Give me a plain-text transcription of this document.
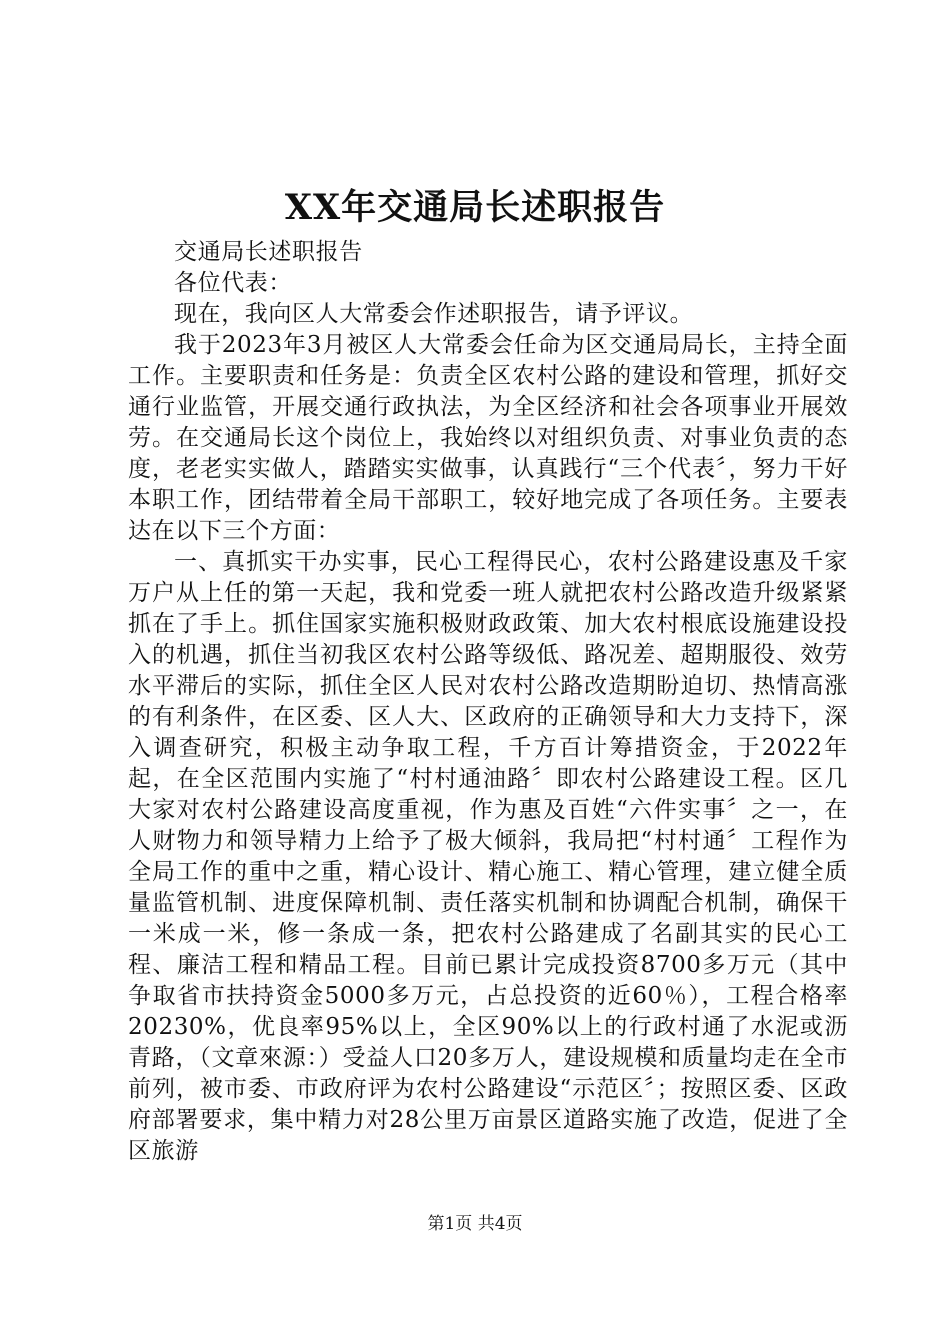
XX年交通局长述职报告

交通局长述职报告

各位代表：

现在，我向区人大常委会作述职报告，请予评议。

我于2023年3月被区人大常委会任命为区交通局局长，主持全面工作。主要职责和任务是：负责全区农村公路的建设和管理，抓好交通行业监管，开展交通行政执法，为全区经济和社会各项事业开展效劳。在交通局长这个岗位上，我始终以对组织负责、对事业负责的态度，老老实实做人，踏踏实实做事，认真践行“三个代表〞，努力干好本职工作，团结带着全局干部职工，较好地完成了各项任务。主要表达在以下三个方面：

一、真抓实干办实事，民心工程得民心，农村公路建设惠及千家万户从上任的第一天起，我和党委一班人就把农村公路改造升级紧紧抓在了手上。抓住国家实施积极财政政策、加大农村根底设施建设投入的机遇，抓住当初我区农村公路等级低、路况差、超期服役、效劳水平滞后的实际，抓住全区人民对农村公路改造期盼迫切、热情高涨的有利条件，在区委、区人大、区政府的正确领导和大力支持下，深入调查研究，积极主动争取工程，千方百计筹措资金，于2022年起，在全区范围内实施了“村村通油路〞即农村公路建设工程。区几大家对农村公路建设高度重视，作为惠及百姓“六件实事〞之一，在人财物力和领导精力上给予了极大倾斜，我局把“村村通〞工程作为全局工作的重中之重，精心设计、精心施工、精心管理，建立健全质量监管机制、进度保障机制、责任落实机制和协调配合机制，确保干一米成一米，修一条成一条，把农村公路建成了名副其实的民心工程、廉洁工程和精品工程。目前已累计完成投资8700多万元（其中争取省市扶持资金5000多万元，占总投资的近60％），工程合格率20230%，优良率95%以上，全区90%以上的行政村通了水泥或沥青路，（文章來源：）受益人口20多万人，建设规模和质量均走在全市前列，被市委、市政府评为农村公路建设“示范区〞；按照区委、区政府部署要求，集中精力对28公里万亩景区道路实施了改造，促进了全区旅游

第1页 共4页
